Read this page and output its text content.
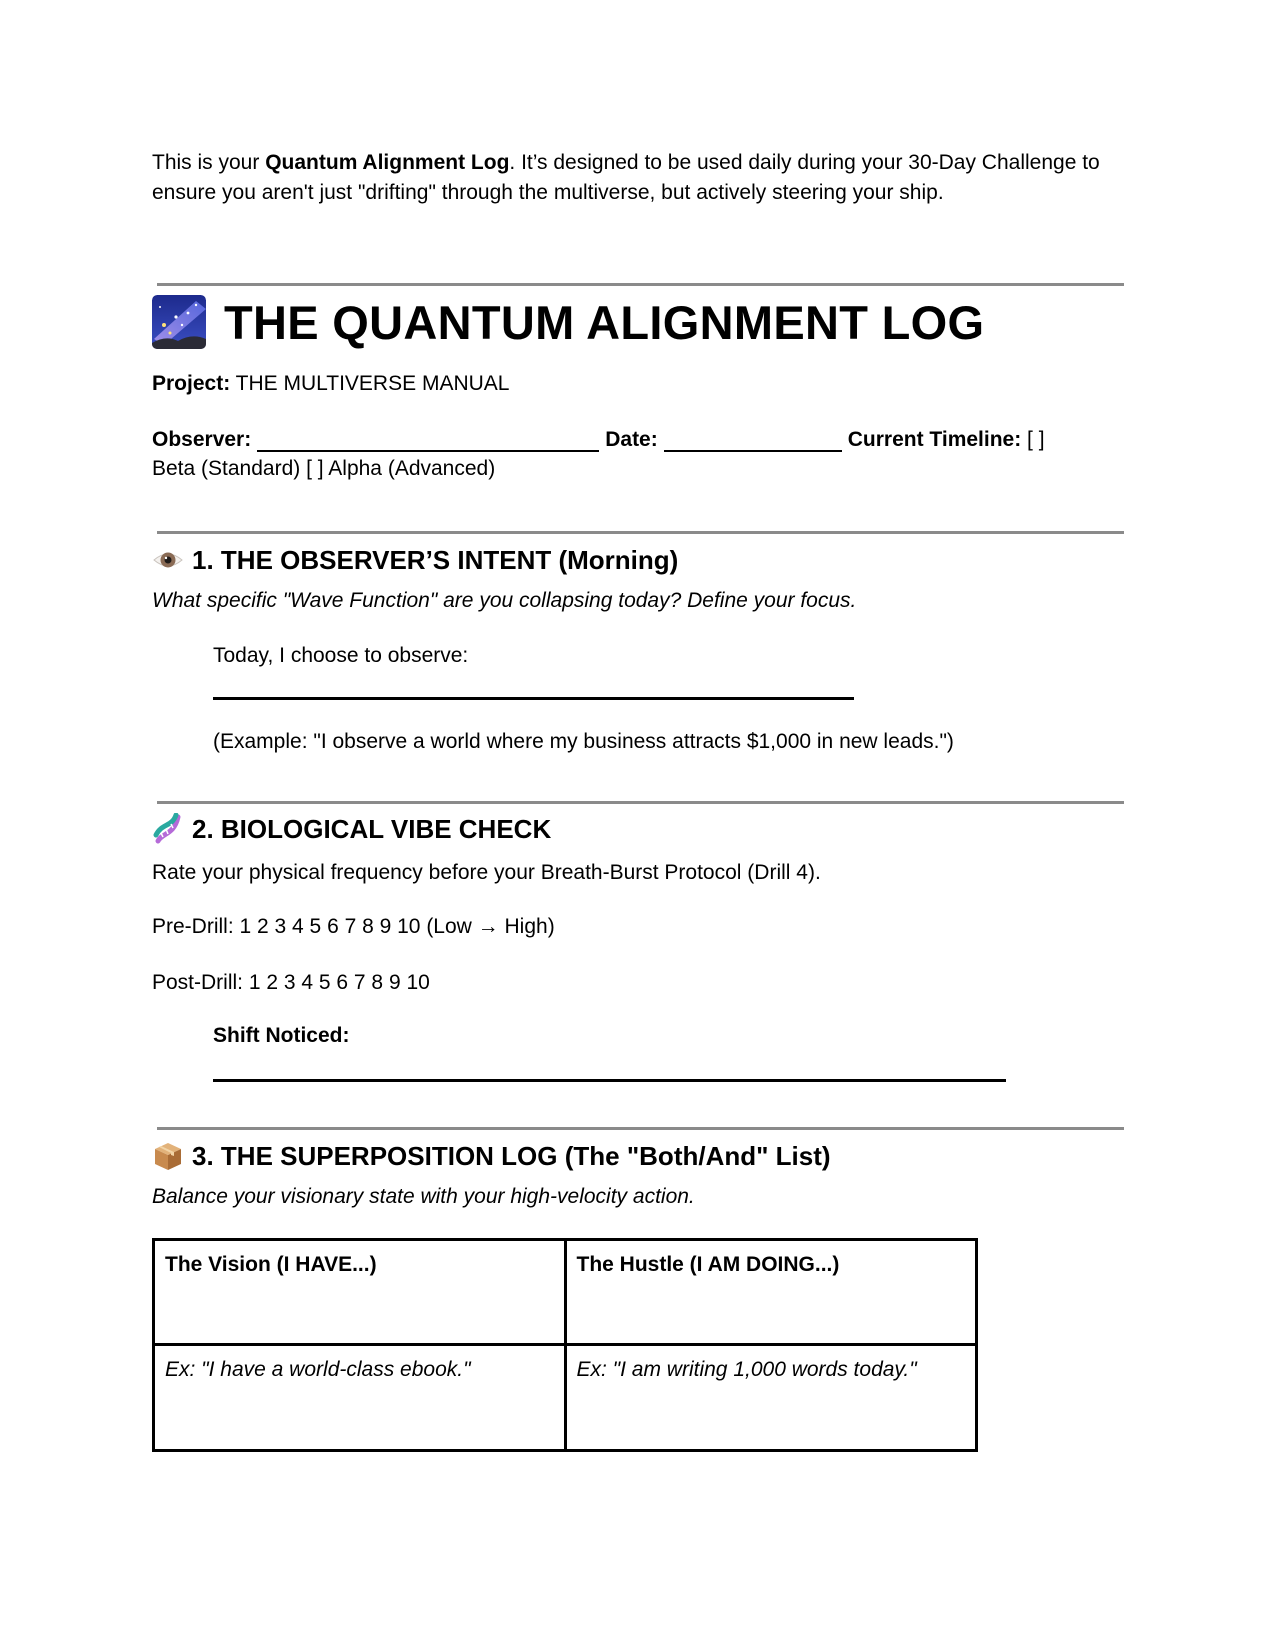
This is your Quantum Alignment Log. It’s designed to be used daily during your 30-Day Challenge to ensure you aren't just "drifting" through the multiverse, but actively steering your ship.
THE QUANTUM ALIGNMENT LOG
Project: THE MULTIVERSE MANUAL
Observer:	Date:	Current Timeline: [ ]
Beta (Standard) [ ] Alpha (Advanced)
1. THE OBSERVER’S INTENT (Morning)
What specific "Wave Function" are you collapsing today? Define your focus.
Today, I choose to observe:
(Example: "I observe a world where my business attracts $1,000 in new leads.")
2. BIOLOGICAL VIBE CHECK
Rate your physical frequency before your Breath-Burst Protocol (Drill 4).
Pre-Drill: 1 2 3 4 5 6 7 8 9 10 (Low → High)
Post-Drill: 1 2 3 4 5 6 7 8 9 10
Shift Noticed:
3. THE SUPERPOSITION LOG (The "Both/And" List)
Balance your visionary state with your high-velocity action.
The Vision (I HAVE...)	The Hustle (I AM DOING...)
Ex: "I have a world-class ebook."	Ex: "I am writing 1,000 words today."
